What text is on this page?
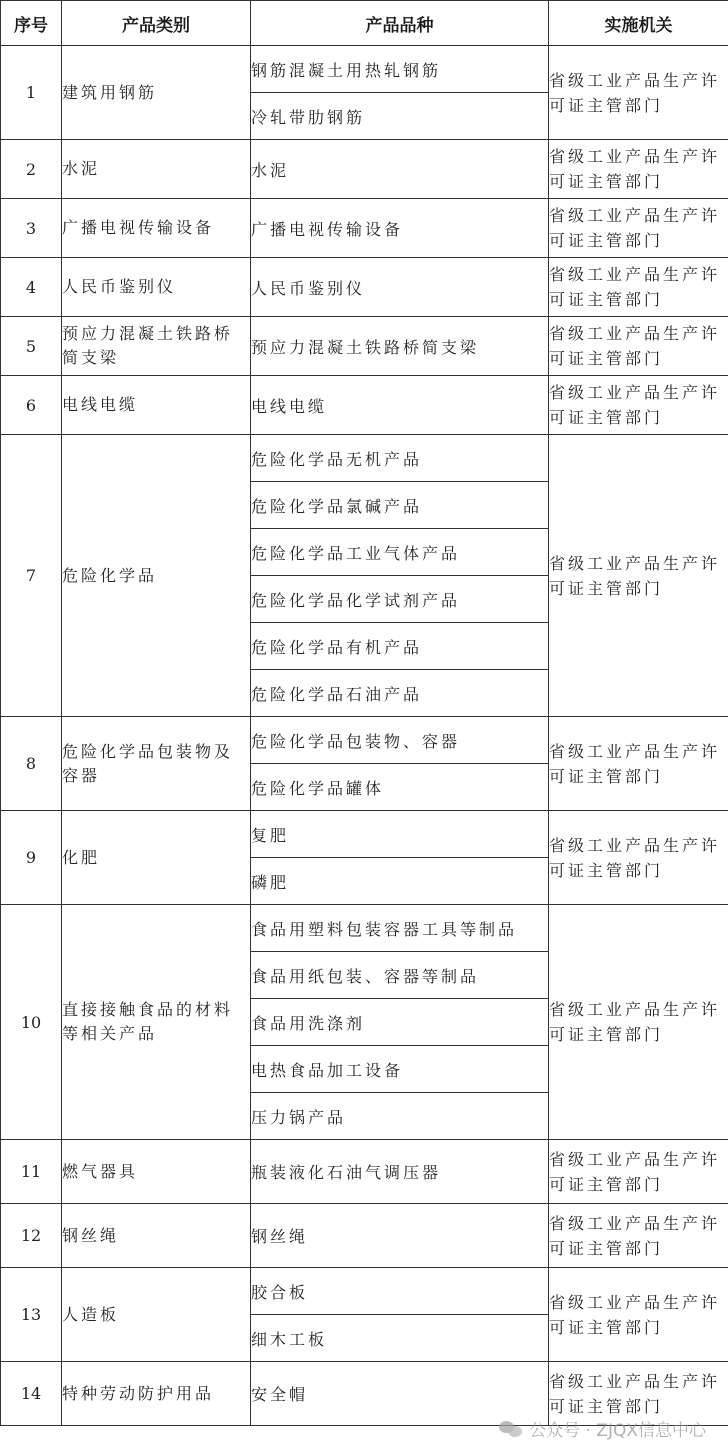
序号	产品类别	产品品种	实施机关
1	建筑用钢筋	钢筋混凝土用热轧钢筋	省级工业产品生产许可证主管部门
		冷轧带肋钢筋	
2	水泥	水泥	省级工业产品生产许可证主管部门
3	广播电视传输设备	广播电视传输设备	省级工业产品生产许可证主管部门
4	人民币鉴别仪	人民币鉴别仪	省级工业产品生产许可证主管部门
5	预应力混凝土铁路桥简支梁	预应力混凝土铁路桥简支梁	省级工业产品生产许可证主管部门
6	电线电缆	电线电缆	省级工业产品生产许可证主管部门
7	危险化学品	危险化学品无机产品	省级工业产品生产许可证主管部门
		危险化学品氯碱产品	
		危险化学品工业气体产品	
		危险化学品化学试剂产品	
		危险化学品有机产品	
		危险化学品石油产品	
8	危险化学品包装物及容器	危险化学品包装物、容器	省级工业产品生产许可证主管部门
		危险化学品罐体	
9	化肥	复肥	省级工业产品生产许可证主管部门
		磷肥	
10	直接接触食品的材料等相关产品	食品用塑料包装容器工具等制品	省级工业产品生产许可证主管部门
		食品用纸包装、容器等制品	
		食品用洗涤剂	
		电热食品加工设备	
		压力锅产品	
11	燃气器具	瓶装液化石油气调压器	省级工业产品生产许可证主管部门
12	钢丝绳	钢丝绳	省级工业产品生产许可证主管部门
13	人造板	胶合板	省级工业产品生产许可证主管部门
		细木工板	
14	特种劳动防护用品	安全帽	省级工业产品生产许可证主管部门
公众号 · ZJQX信息中心
